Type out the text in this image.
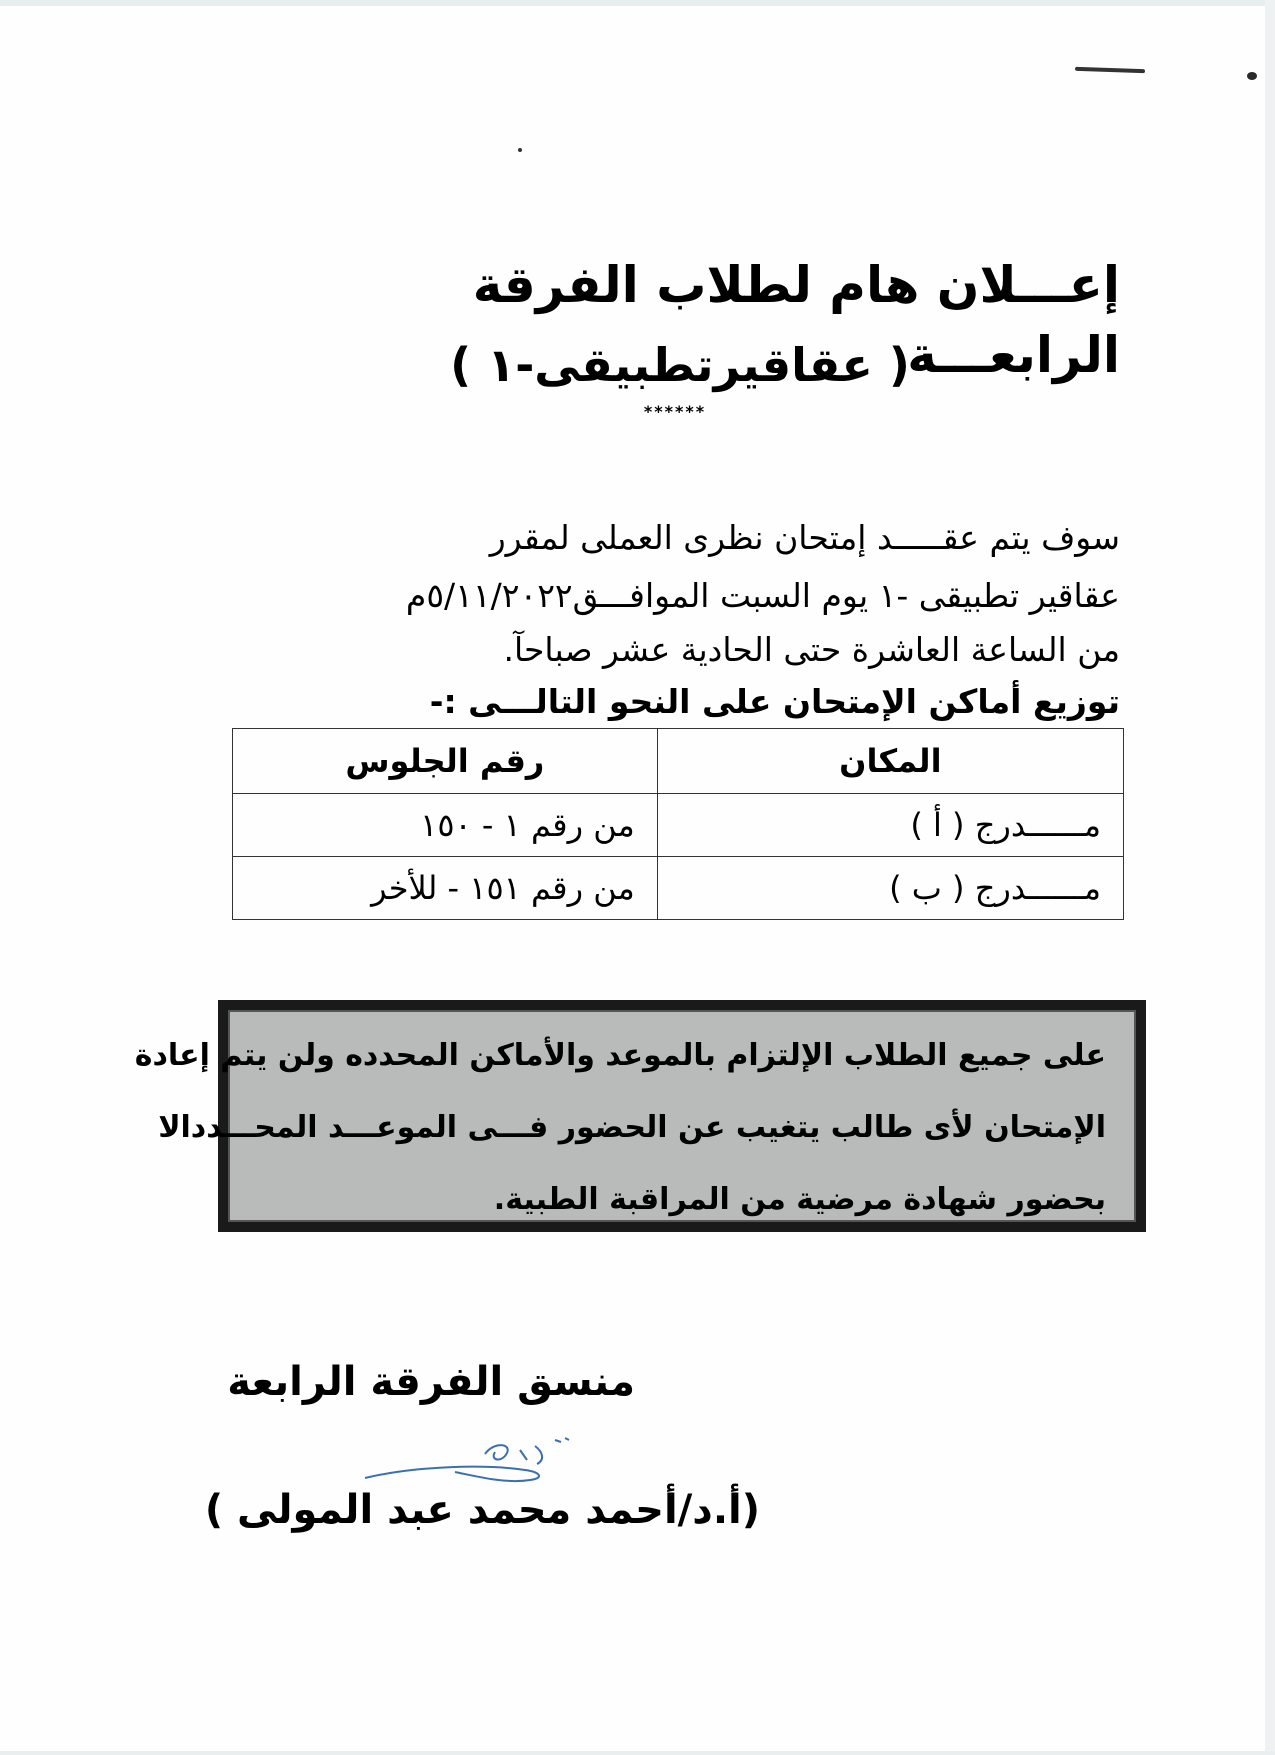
إعـــلان هام لطلاب الفرقة الرابعـــة
( عقاقيرتطبيقى-١ )
******
سوف يتم عقـــــد إمتحان نظرى العملى لمقرر
عقاقير تطبيقى -١ يوم السبت الموافـــق٥/١١/٢٠٢٢م
من الساعة العاشرة حتى الحادية عشر صباحآ.
توزيع أماكن الإمتحان على النحو التالـــى :-
المكان	رقم الجلوس
مــــــدرج ( أ )	من رقم ١ - ١٥٠
مــــــدرج ( ب )	من رقم ١٥١ - للأخر
على جميع الطلاب الإلتزام بالموعد والأماكن المحدده ولن يتم إعادة
الإمتحان لأى طالب يتغيب عن الحضور فـــى الموعـــد المحـــددالا
بحضور شهادة مرضية من المراقبة الطبية.
منسق الفرقة الرابعة
(أ.د/أحمد محمد عبد المولى )
